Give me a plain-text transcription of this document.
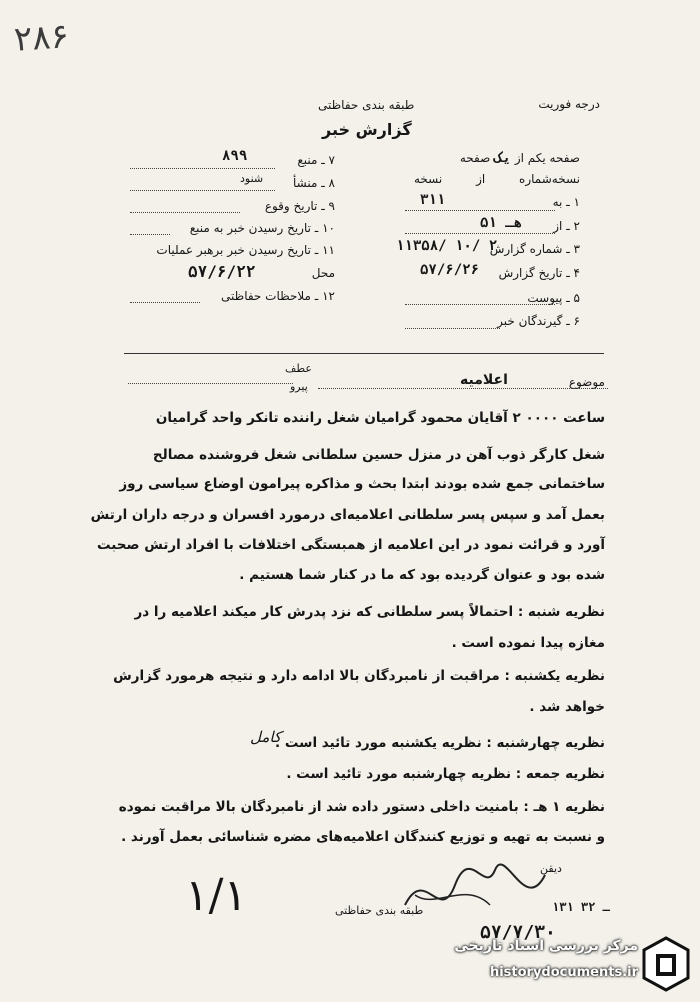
۲۸۶
درجه فوریت
طبقه بندی حفاظتی
گزارش خبر
صفحه یکم از یک صفحه
نسخه‌شماره از نسخه
۱ ـ به
۳۱۱
۲ ـ از
۵۱ هـ
۳ ـ شماره گزارش
۱۱۳۵۸/ ۱۰/ ۲
۴ ـ تاریخ گزارش
۵۷/۶/۲۶
۵ ـ پیوست
۶ ـ گیرندگان خبر
۷ ـ منبع
۸۹۹
۸ ـ منشأ
شنود
۹ ـ تاریخ وقوع
۱۰ ـ تاریخ رسیدن خبر به منبع
۱۱ ـ تاریخ رسیدن خبر برهبر عملیات
محل
۵۷/۶/۲۲
۱۲ ـ ملاحظات حفاظتی
عطف
پیرو	موضوع
اعلامیه
ساعت ۰۰۰۰ ۲ آقایان محمود گرامیان شغل راننده تانکر واحد گرامیان
شغل کارگر ذوب آهن در منزل حسین سلطانی شغل فروشنده مصالح
ساختمانی جمع شده بودند ابتدا بحث و مذاکره پیرامون اوضاع سیاسی روز
بعمل آمد و سپس پسر سلطانی اعلامیه‌ای درمورد افسران و درجه داران ارتش
آورد و قرائت نمود در این اعلامیه از همبستگی اختلافات با افراد ارتش صحبت
شده بود و عنوان گردیده بود که ما در کنار شما هستیم .
نظریه شنبه : احتمالاً پسر سلطانی که نزد پدرش کار میکند اعلامیه را در
مغازه پیدا نموده است .
نظریه یکشنبه : مراقبت از نامبردگان بالا ادامه دارد و نتیجه هرمورد گزارش
خواهد شد .
نظریه چهارشنبه : نظریه یکشنبه مورد تائید است .
کامل
نظریه جمعه : نظریه چهارشنبه مورد تائید است .
نظریه ۱ هـ : بامنیت داخلی دستور داده شد از نامبردگان بالا مراقبت نموده
و نسبت به تهیه و توزیع کنندگان اعلامیه‌های مضره شناسائی بعمل آورند .
۱/۱
دیقن
طبقه بندی حفاظتی	۱۳۱ ـ ۳۲
۵۷/۷/۳۰
مرکز بررسی اسناد تاریخی
historydocuments.ir
